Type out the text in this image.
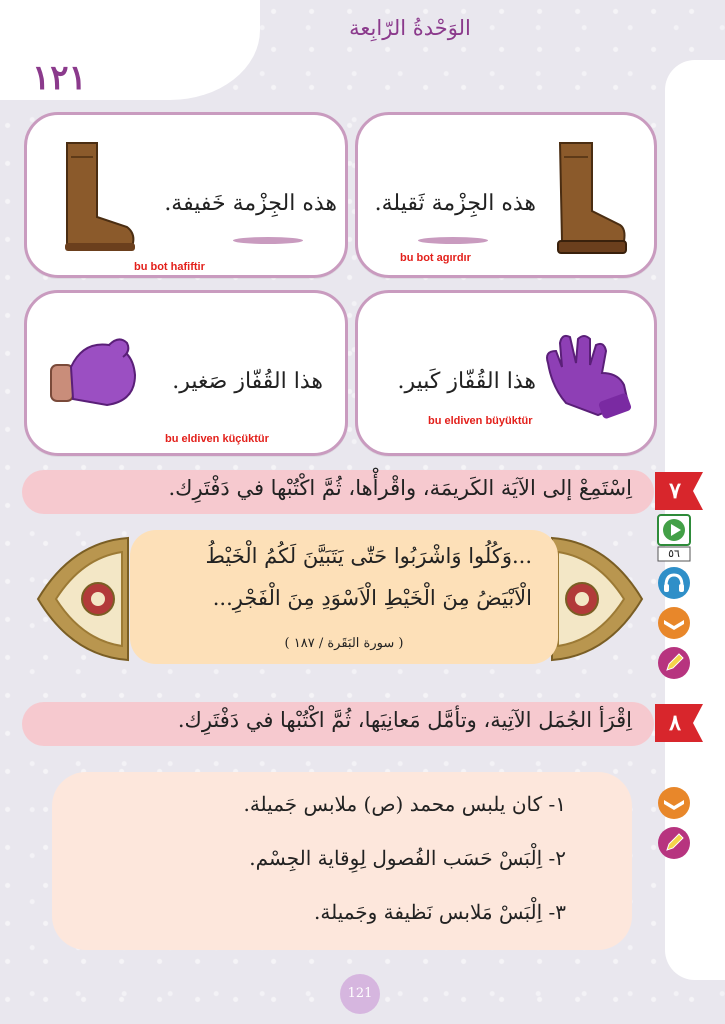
الوَحْدةُ الرّابِعة
١٢١
هذه الجِزْمة ثَقيلة.
bu bot agırdır
هذه الجِزْمة خَفيفة.
bu bot hafiftir
هذا القُفّاز كَبير.
bu eldiven büyüktür
هذا القُفّاز صَغير.
bu eldiven küçüktür
اِسْتَمِعْ إلى الآيَة الكَريمَة، واقْرأْها، ثُمَّ اكْتُبْها في دَفْتَرِك.	٧
٥٦
...وَكُلُوا وَاشْرَبُوا حَتّٰى يَتَبَيَّنَ لَكُمُ الْخَيْطُ
الْاَبْيَضُ مِنَ الْخَيْطِ الْاَسْوَدِ مِنَ الْفَجْرِ...
( سورة البَقَرة / ١٨٧ )
اِقْرَأ الجُمَل الآتِية، وتأمَّل مَعانِيَها، ثُمَّ اكْتُبْها في دَفْتَرِك.	٨
١- كان يلبس محمد (ص) ملابس جَميلة.
٢- اِلْبَسْ حَسَب الفُصول لِوِقاية الجِسْم.
٣- اِلْبَسْ مَلابس نَظيفة وجَميلة.
121
